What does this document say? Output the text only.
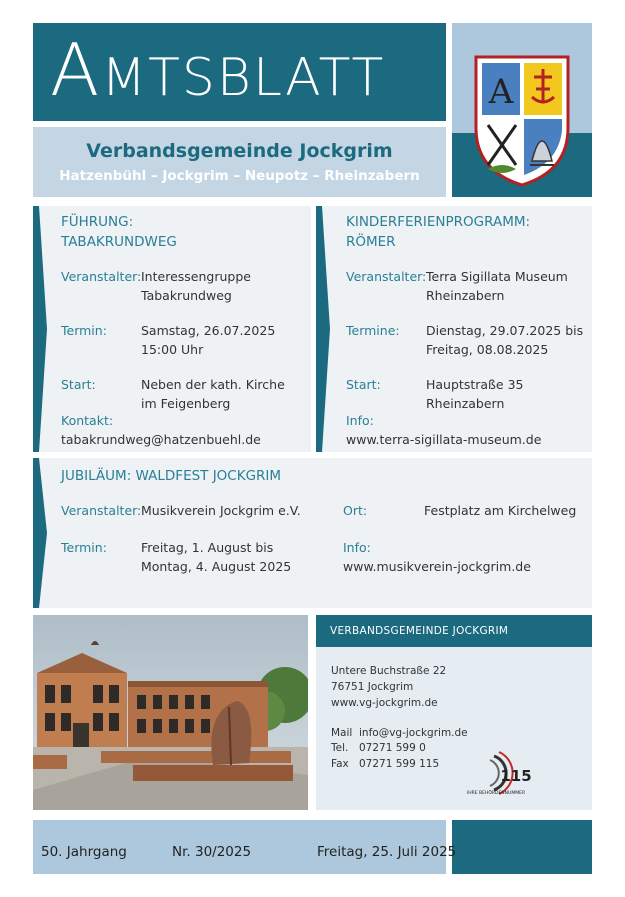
AMTSBLATT	A
Verbandsgemeinde Jockgrim
Hatzenbühl – Jockgrim – Neupotz – Rheinzabern
FÜHRUNG:
TABAKRUNDWEG
Veranstalter: Interessengruppe
Tabakrundweg
Termin:	Samstag, 26.07.2025
15:00 Uhr
Start:	Neben der kath. Kirche
im Feigenberg
Kontakt:
tabakrundweg@hatzenbuehl.de
KINDERFERIENPROGRAMM:
RÖMER
Veranstalter: Terra Sigillata Museum
Rheinzabern
Termine: Dienstag, 29.07.2025 bis
Freitag, 08.08.2025
Start:	Hauptstraße 35
Rheinzabern
Info:
www.terra-sigillata-museum.de
JUBILÄUM: WALDFEST JOCKGRIM
Veranstalter: Musikverein Jockgrim e.V.
Termin:	Freitag, 1. August bis
Montag, 4. August 2025
Ort:	Festplatz am Kirchelweg
Info:
www.musikverein-jockgrim.de
VERBANDSGEMEINDE JOCKGRIM
Untere Buchstraße 22
76751 Jockgrim
www.vg-jockgrim.de
Mail info@vg-jockgrim.de
Tel. 07271 599 0
Fax 07271 599 115
115
IHRE BEHÖRDENNUMMER
50. Jahrgang	Nr. 30/2025	Freitag, 25. Juli 2025
